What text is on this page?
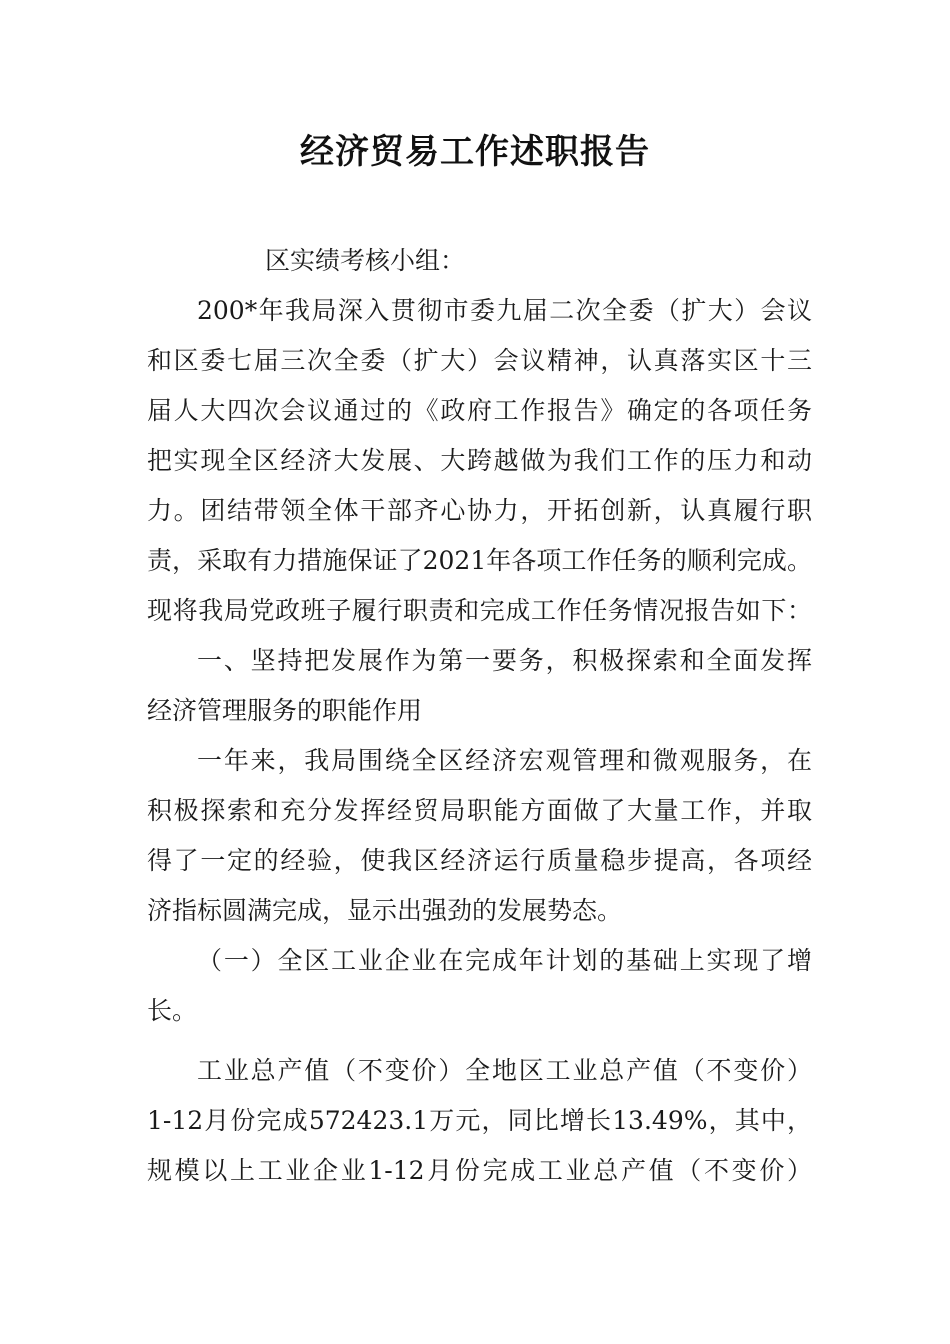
经济贸易工作述职报告
区实绩考核小组：
200*年我局深入贯彻市委九届二次全委（扩大）会议
和区委七届三次全委（扩大）会议精神，认真落实区十三
届人大四次会议通过的《政府工作报告》确定的各项任务
把实现全区经济大发展、大跨越做为我们工作的压力和动
力。团结带领全体干部齐心协力，开拓创新，认真履行职
责，采取有力措施保证了2021年各项工作任务的顺利完成。
现将我局党政班子履行职责和完成工作任务情况报告如下：
一、坚持把发展作为第一要务，积极探索和全面发挥
经济管理服务的职能作用
一年来，我局围绕全区经济宏观管理和微观服务，在
积极探索和充分发挥经贸局职能方面做了大量工作，并取
得了一定的经验，使我区经济运行质量稳步提高，各项经
济指标圆满完成，显示出强劲的发展势态。
（一）全区工业企业在完成年计划的基础上实现了增
长。
工业总产值（不变价）全地区工业总产值（不变价）
1-12月份完成572423.1万元，同比增长13.49%，其中，
规模以上工业企业1-12月份完成工业总产值（不变价）
